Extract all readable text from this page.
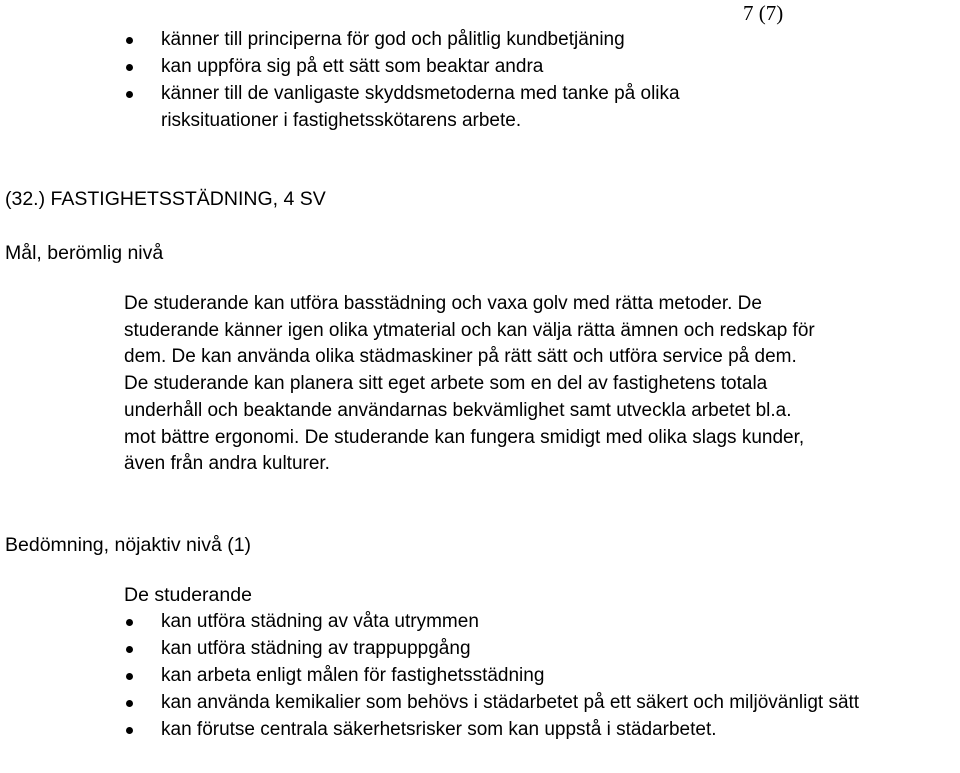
7 (7)
känner till principerna för god och pålitlig kundbetjäning
kan uppföra sig på ett sätt som beaktar andra
känner till de vanligaste skyddsmetoderna med tanke på olika risksituationer i fastighetsskötarens arbete.
(32.) FASTIGHETSSTÄDNING, 4 SV
Mål, berömlig nivå

De studerande kan utföra basstädning och vaxa golv med rätta metoder. De
studerande känner igen olika ytmaterial och kan välja rätta ämnen och redskap för
dem. De kan använda olika städmaskiner på rätt sätt och utföra service på dem.
De studerande kan planera sitt eget arbete som en del av fastighetens totala
underhåll och beaktande användarnas bekvämlighet samt utveckla arbetet bl.a.
mot bättre ergonomi. De studerande kan fungera smidigt med olika slags kunder,
även från andra kulturer.

Bedömning, nöjaktiv nivå (1)
De studerande
kan utföra städning av våta utrymmen
kan utföra städning av trappuppgång
kan arbeta enligt målen för fastighetsstädning
kan använda kemikalier som behövs i städarbetet på ett säkert och miljövänligt sätt
kan förutse centrala säkerhetsrisker som kan uppstå i städarbetet.
